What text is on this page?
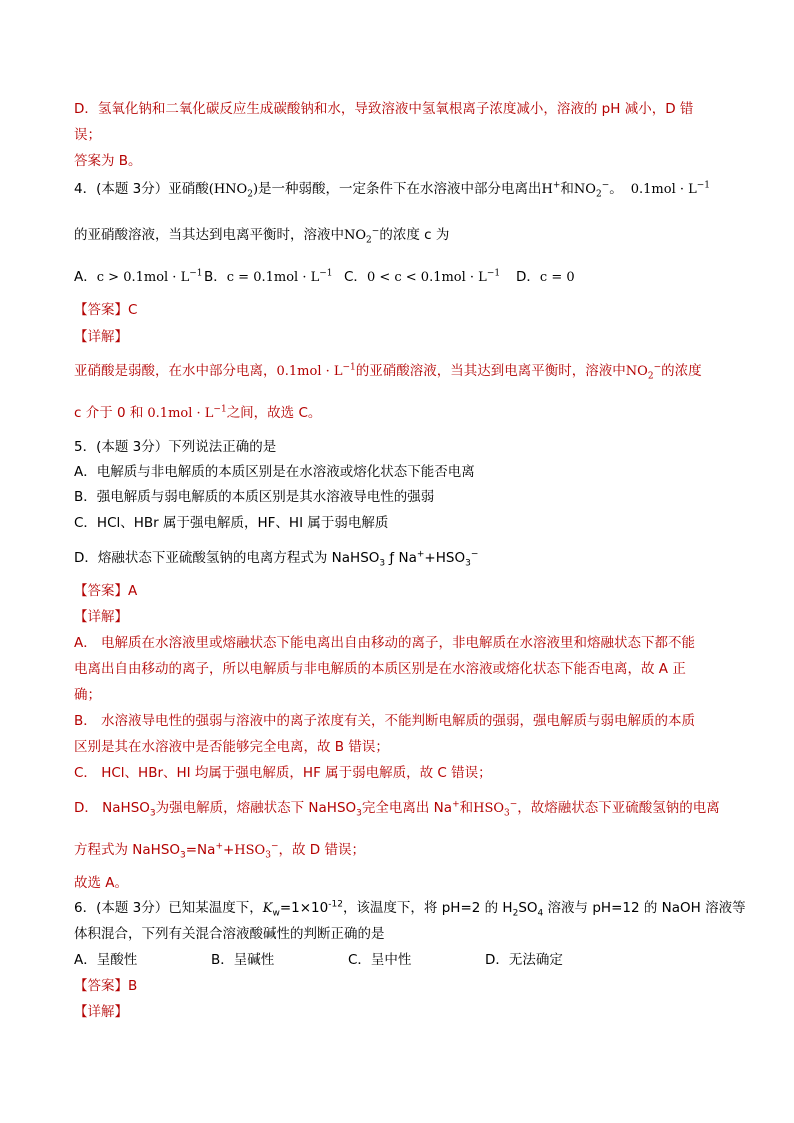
D．氢氧化钠和二氧化碳反应生成碳酸钠和水，导致溶液中氢氧根离子浓度减小，溶液的 pH 减小，D 错
误；
答案为 B。
4．(本题 3分）亚硝酸$(HNO_2)$是一种弱酸，一定条件下在水溶液中部分电离出H+和$NO_2^-$。 $0.1mol \cdot L^{-1}$
的亚硝酸溶液，当其达到电离平衡时，溶液中$NO_2^-$的浓度 c 为
A．$c > 0.1mol \cdot L^{-1}$ B．$c = 0.1mol \cdot L^{-1}$ C．$0 < c < 0.1mol \cdot L^{-1}$ D．c = 0
【答案】C
【详解】
亚硝酸是弱酸，在水中部分电离，$0.1mol \cdot L^{-1}$的亚硝酸溶液，当其达到电离平衡时，溶液中$NO_2^-$的浓度
c 介于 0 和 $0.1mol \cdot L^{-1}$之间，故选 C。
5．(本题 3分）下列说法正确的是
A．电解质与非电解质的本质区别是在水溶液或熔化状态下能否电离
B．强电解质与弱电解质的本质区别是其水溶液导电性的强弱
C．HCl、HBr 属于强电解质，HF、HI 属于弱电解质
D．熔融状态下亚硫酸氢钠的电离方程式为 NaHSO$_3$ ƒ $Na^++HSO_3^-$
【答案】A
【详解】
A． 电解质在水溶液里或熔融状态下能电离出自由移动的离子，非电解质在水溶液里和熔融状态下都不能
电离出自由移动的离子，所以电解质与非电解质的本质区别是在水溶液或熔化状态下能否电离，故 A 正
确；
B． 水溶液导电性的强弱与溶液中的离子浓度有关，不能判断电解质的强弱，强电解质与弱电解质的本质
区别是其在水溶液中是否能够完全电离，故 B 错误；
C． HCl、HBr、HI 均属于强电解质，HF 属于弱电解质，故 C 错误；
D． NaHSO$_3$为强电解质，熔融状态下 NaHSO$_3$完全电离出 Na+和$HSO_3^-$，故熔融状态下亚硫酸氢钠的电离
方程式为 $NaHSO_3=Na^++HSO_3^-$，故 D 错误；
故选 A。
6．(本题 3分）已知某温度下，$K_w=1\times 10^{-12}$，该温度下，将 pH=2 的 $H_2SO_4$ 溶液与 pH=12 的 NaOH 溶液等
体积混合，下列有关混合溶液酸碱性的判断正确的是
A．呈酸性	B．呈碱性	C．呈中性	D．无法确定
【答案】B
【详解】
